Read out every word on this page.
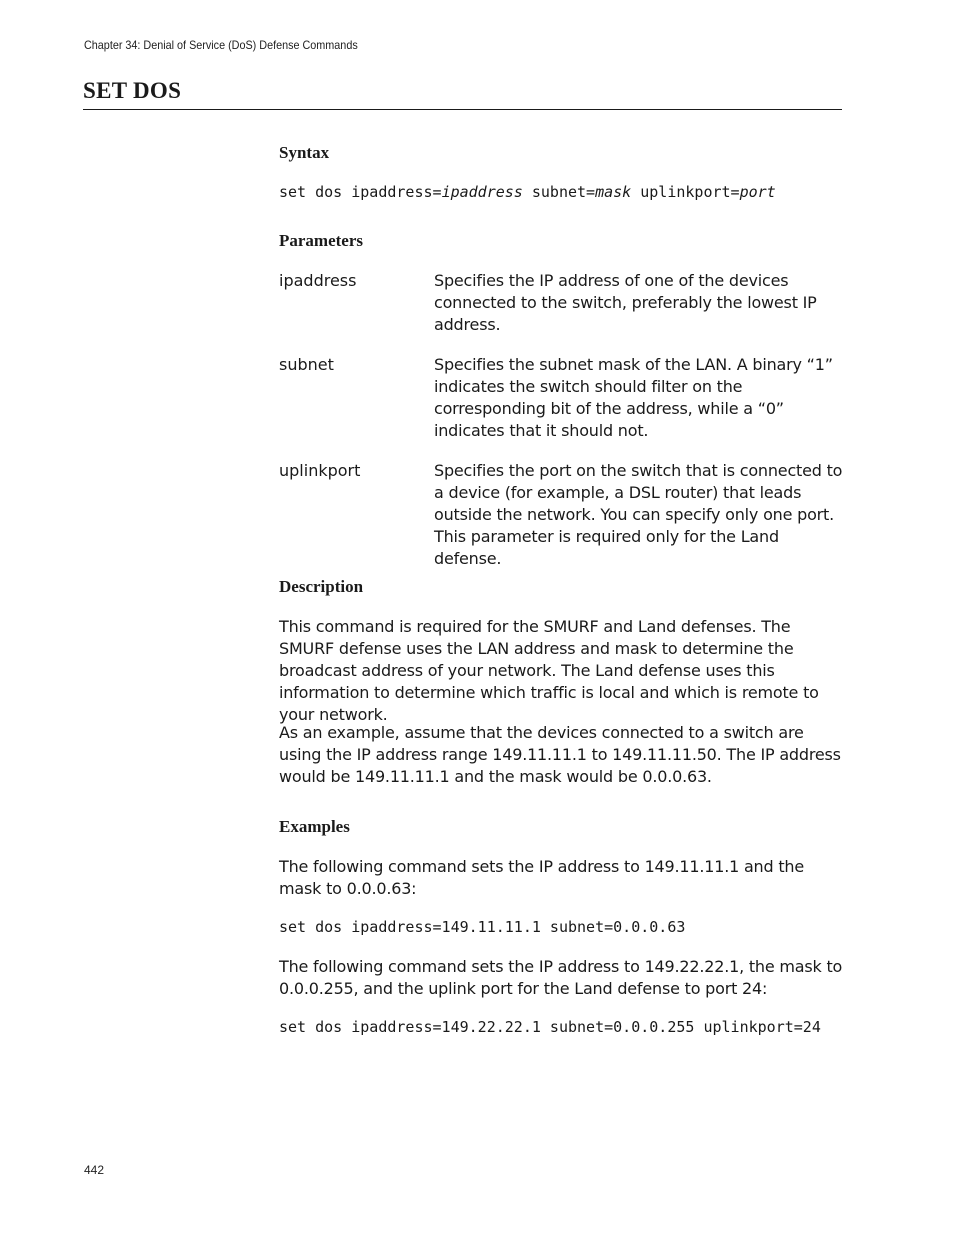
Chapter 34: Denial of Service (DoS) Defense Commands
SET DOS
Syntax
set dos ipaddress=ipaddress subnet=mask uplinkport=port
Parameters
ipaddress	Specifies the IP address of one of the devices connected to the switch, preferably the lowest IP address.

subnet	Specifies the subnet mask of the LAN. A binary “1” indicates the switch should filter on the corresponding bit of the address, while a “0” indicates that it should not.

uplinkport	Specifies the port on the switch that is connected to a device (for example, a DSL router) that leads outside the network. You can specify only one port. This parameter is required only for the Land defense.

Description

This command is required for the SMURF and Land defenses. The SMURF defense uses the LAN address and mask to determine the broadcast address of your network. The Land defense uses this information to determine which traffic is local and which is remote to your network.

As an example, assume that the devices connected to a switch are using the IP address range 149.11.11.1 to 149.11.11.50. The IP address would be 149.11.11.1 and the mask would be 0.0.0.63.

Examples

The following command sets the IP address to 149.11.11.1 and the mask to 0.0.0.63:

set dos ipaddress=149.11.11.1 subnet=0.0.0.63

The following command sets the IP address to 149.22.22.1, the mask to 0.0.0.255, and the uplink port for the Land defense to port 24:

set dos ipaddress=149.22.22.1 subnet=0.0.0.255 uplinkport=24
442
